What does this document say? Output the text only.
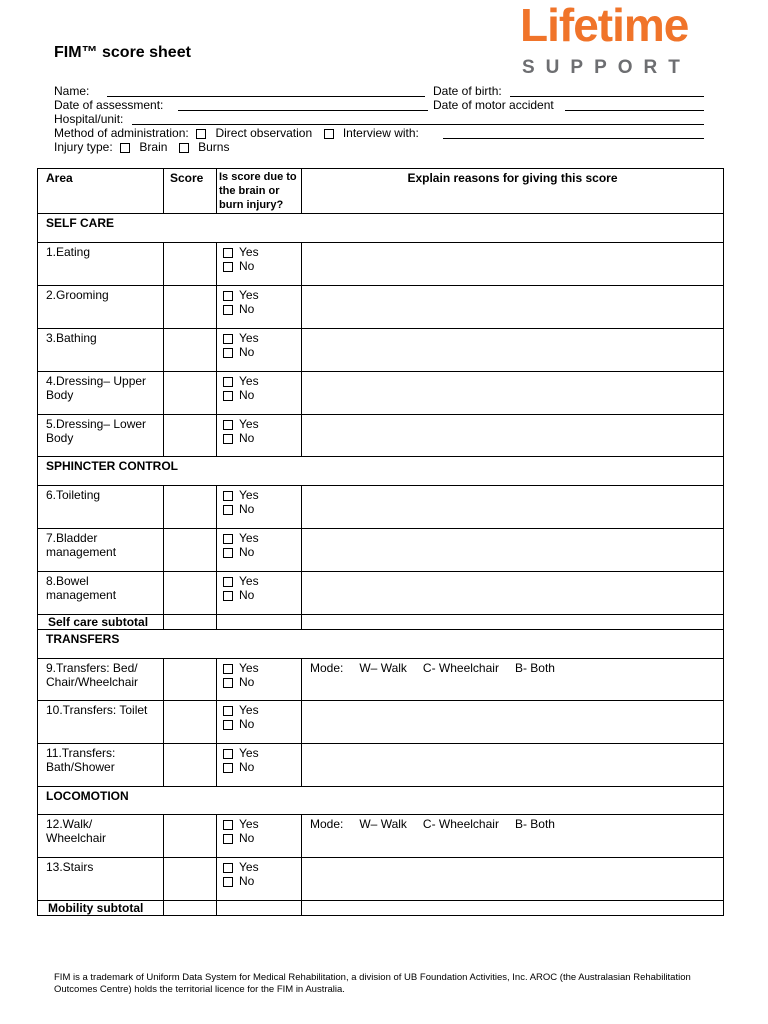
FIM™ score sheet
Lifetime
SUPPORT
Name:	Date of birth:
Date of assessment:	Date of motor accident
Hospital/unit:
Method of administration: Direct observation	Interview with:
Injury type: Brain	Burns
Area	Score	Is score due to the brain or burn injury?	Explain reasons for giving this score
SELF CARE			
1.Eating		Yes
No	

2.Grooming		Yes
No	

3.Bathing		Yes
No	

4.Dressing– Upper Body		Yes
No	

5.Dressing– Lower Body		Yes
No	

SPHINCTER CONTROL			
6.Toileting		Yes
No	

7.Bladder management		Yes
No	

8.Bowel management		Yes
No	

Self care subtotal			
TRANSFERS			
9.Transfers: Bed/ Chair/Wheelchair		Yes
No	Mode: W– Walk C- Wheelchair B- Both

10.Transfers: Toilet		Yes
No	

11.Transfers: Bath/Shower		Yes
No	

LOCOMOTION			
12.Walk/ Wheelchair		Yes
No	Mode: W– Walk C- Wheelchair B- Both

13.Stairs		Yes
No	

Mobility subtotal			
FIM is a trademark of Uniform Data System for Medical Rehabilitation, a division of UB Foundation Activities, Inc. AROC (the Australasian Rehabilitation Outcomes Centre) holds the territorial licence for the FIM in Australia.
